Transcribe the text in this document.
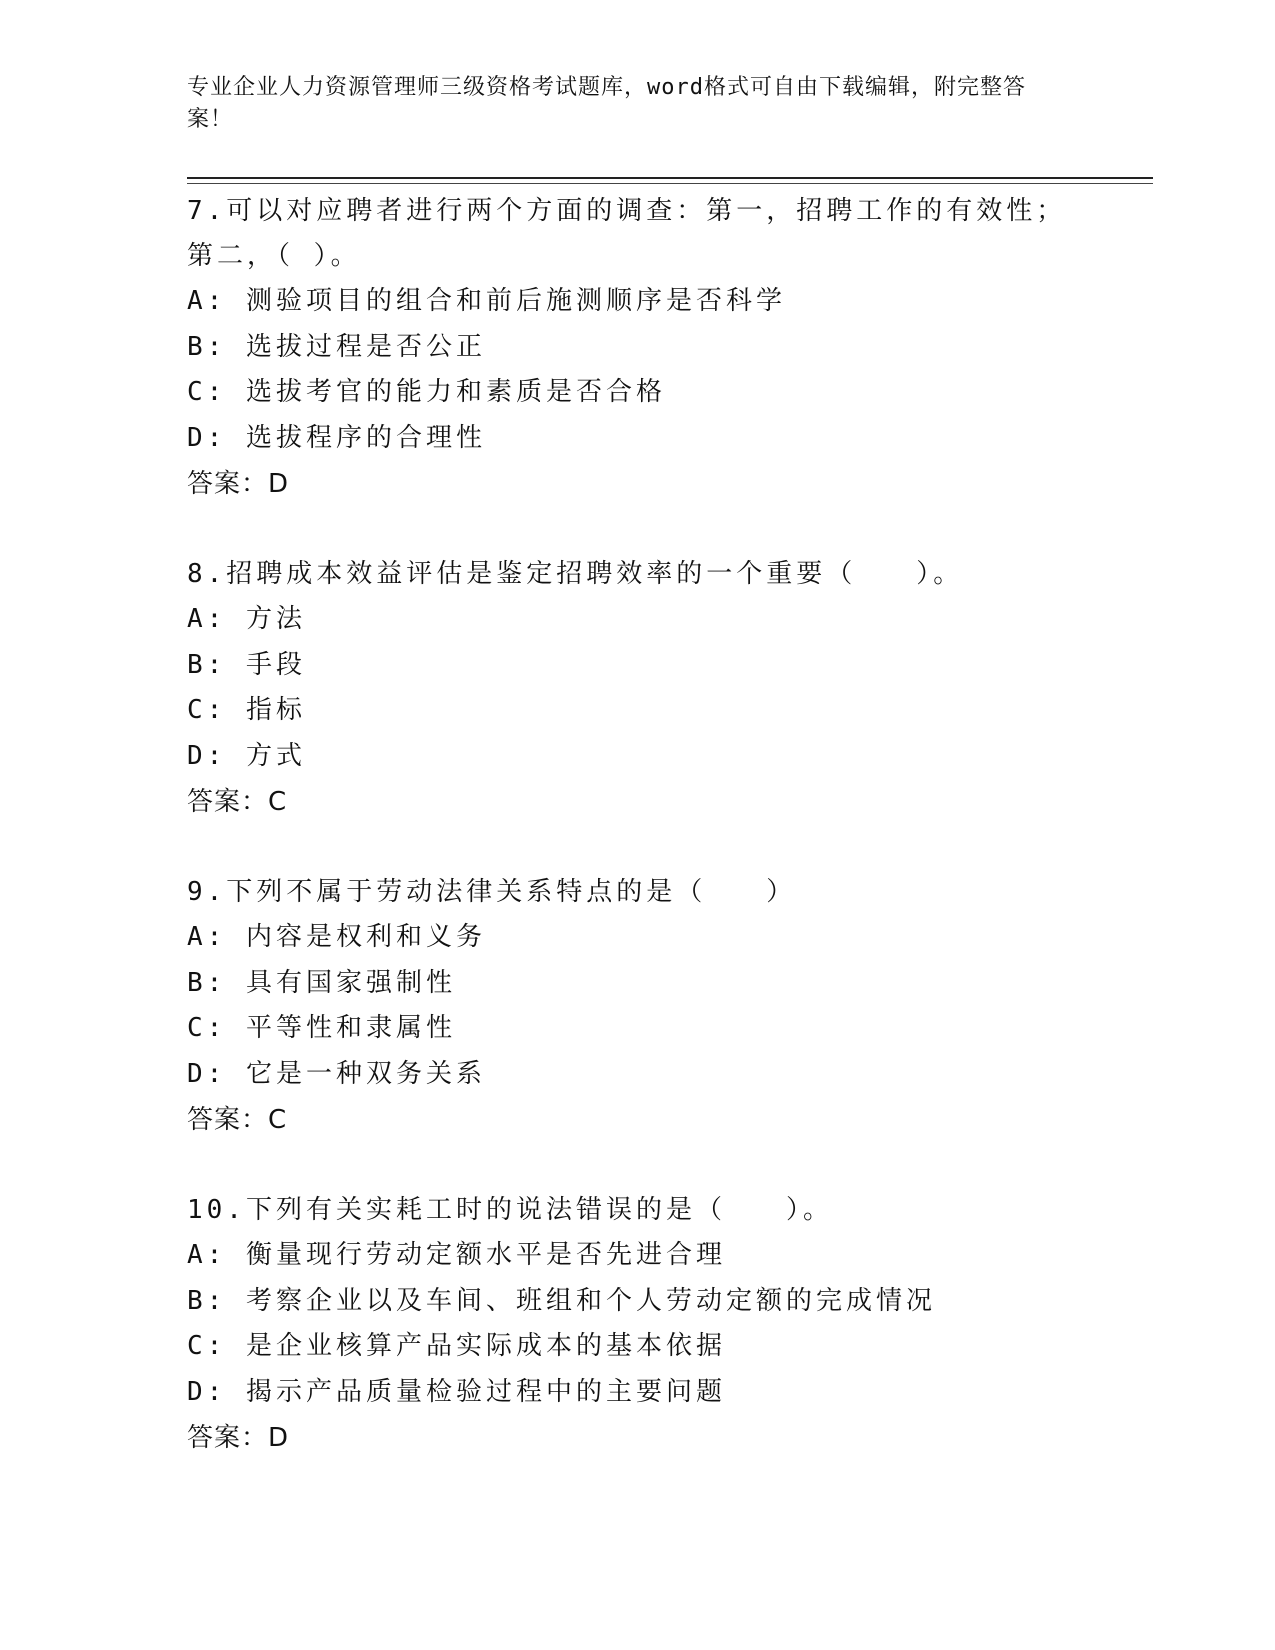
专业企业人力资源管理师三级资格考试题库，word格式可自由下载编辑，附完整答案！
7.可以对应聘者进行两个方面的调查：第一，招聘工作的有效性；第二，（ ）。
A: 测验项目的组合和前后施测顺序是否科学
B: 选拔过程是否公正
C: 选拔考官的能力和素质是否合格
D: 选拔程序的合理性
答案：D
8.招聘成本效益评估是鉴定招聘效率的一个重要（　　）。
A: 方法
B: 手段
C: 指标
D: 方式
答案：C
9.下列不属于劳动法律关系特点的是（　　）
A: 内容是权利和义务
B: 具有国家强制性
C: 平等性和隶属性
D: 它是一种双务关系
答案：C
10.下列有关实耗工时的说法错误的是（　　）。
A: 衡量现行劳动定额水平是否先进合理
B: 考察企业以及车间、班组和个人劳动定额的完成情况
C: 是企业核算产品实际成本的基本依据
D: 揭示产品质量检验过程中的主要问题
答案：D
